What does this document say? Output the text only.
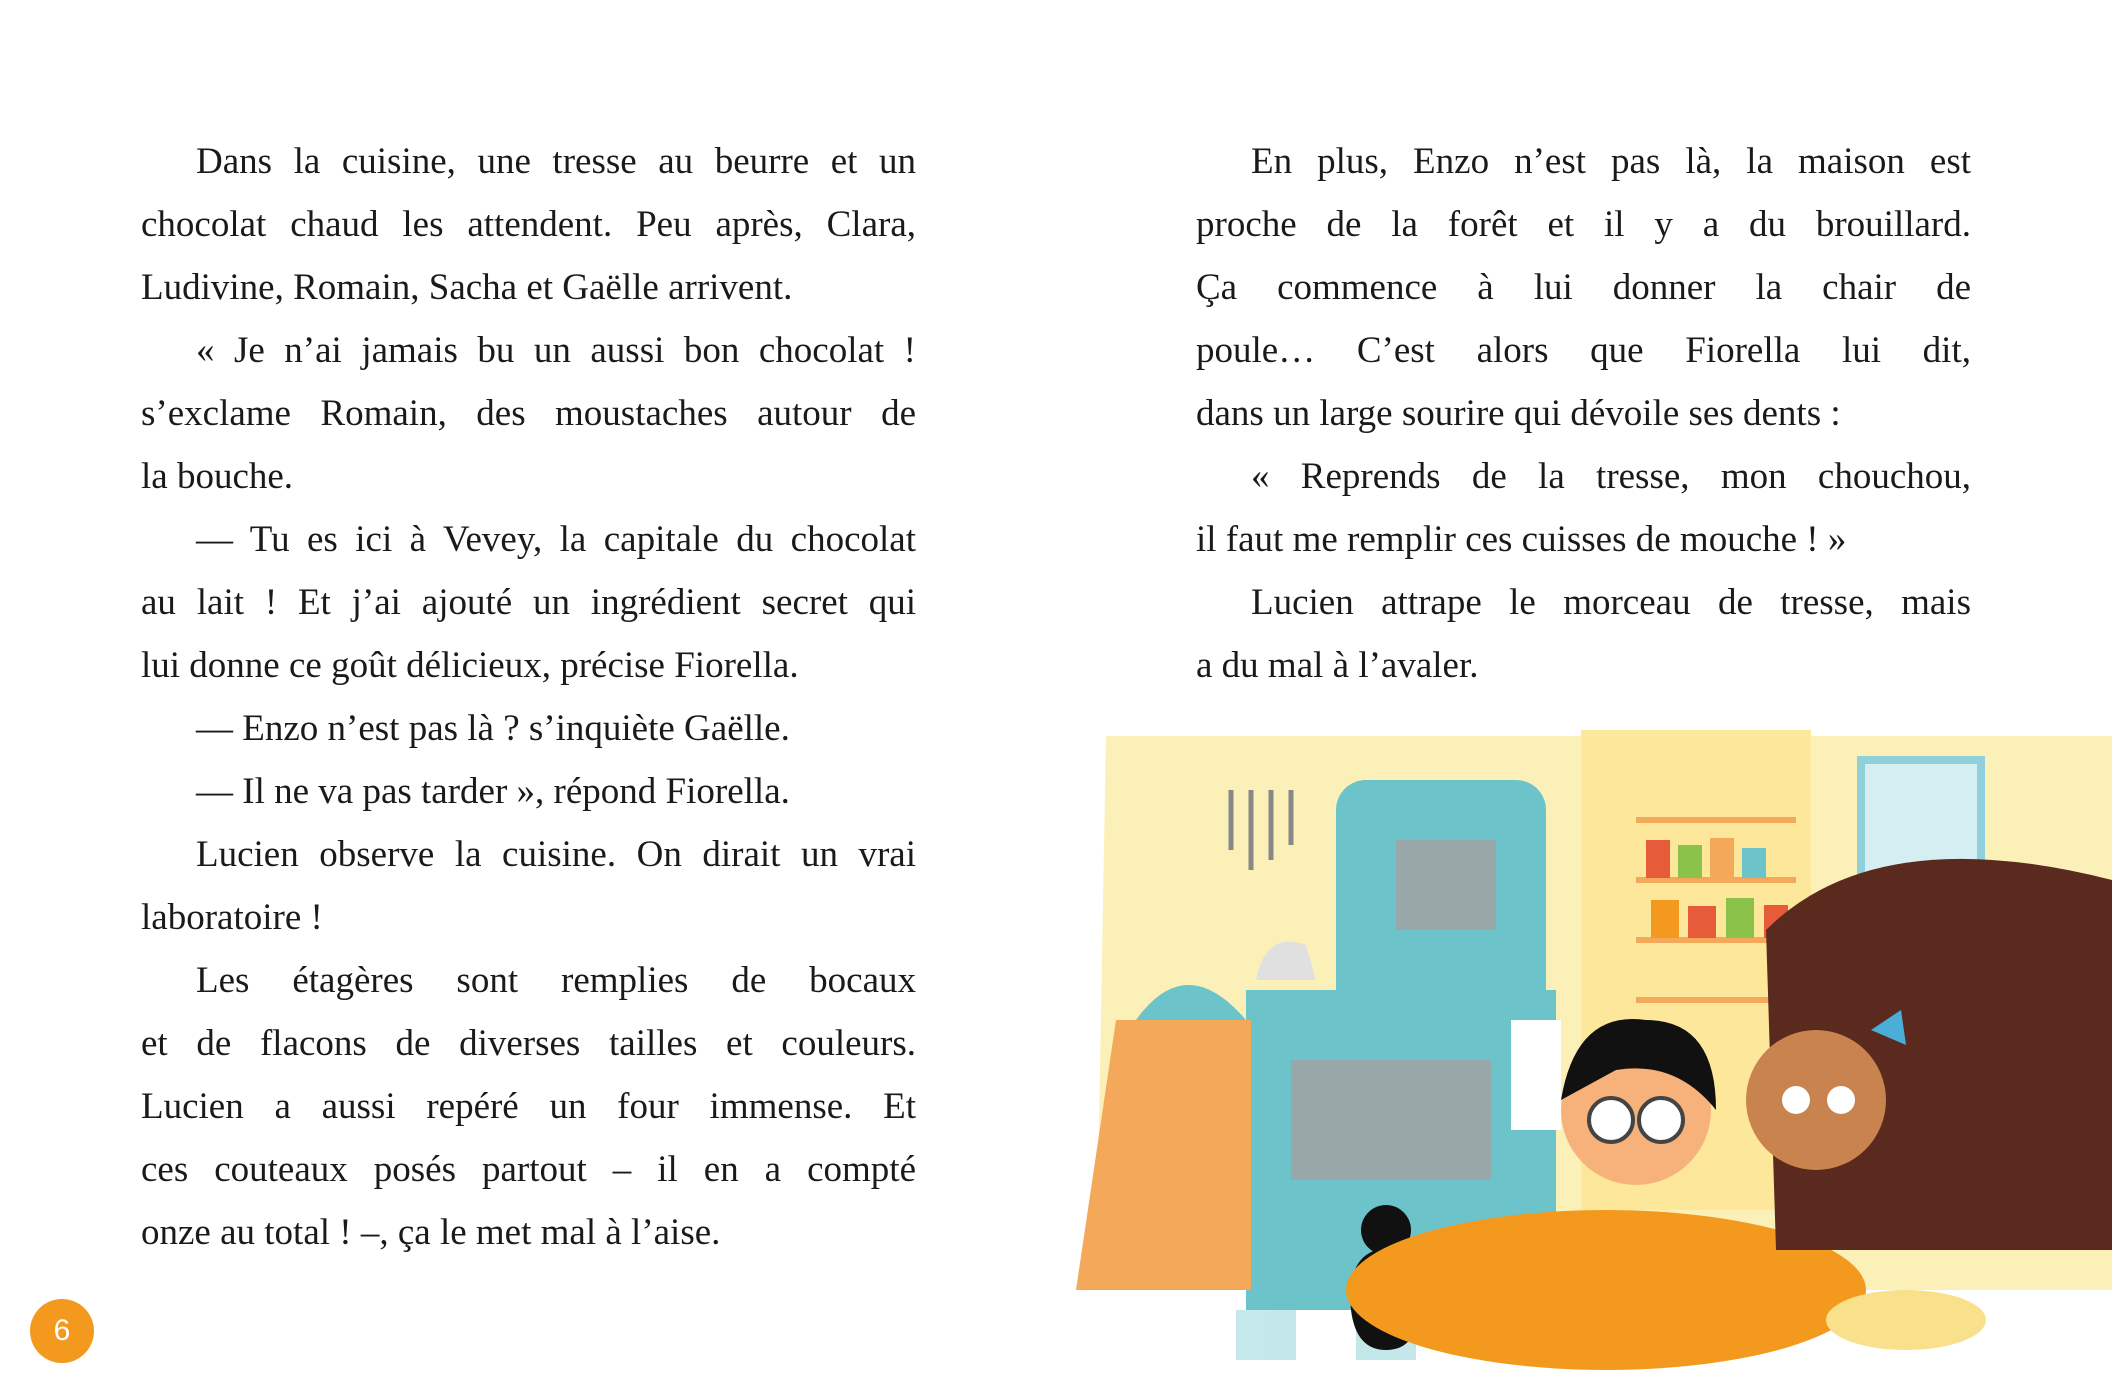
Dans la cuisine, une tresse au beurre et un
chocolat chaud les attendent. Peu après, Clara,
Ludivine, Romain, Sacha et Gaëlle arrivent.
« Je n’ai jamais bu un aussi bon chocolat !
s’exclame Romain, des moustaches autour de
la bouche.
— Tu es ici à Vevey, la capitale du chocolat
au lait ! Et j’ai ajouté un ingrédient secret qui
lui donne ce goût délicieux, précise Fiorella.
— Enzo n’est pas là ? s’inquiète Gaëlle.
— Il ne va pas tarder », répond Fiorella.
Lucien observe la cuisine. On dirait un vrai
laboratoire !
Les étagères sont remplies de bocaux
et de flacons de diverses tailles et couleurs.
Lucien a aussi repéré un four immense. Et
ces couteaux posés partout – il en a compté
onze au total ! –, ça le met mal à l’aise.
En plus, Enzo n’est pas là, la maison est
proche de la forêt et il y a du brouillard.
Ça commence à lui donner la chair de
poule… C’est alors que Fiorella lui dit,
dans un large sourire qui dévoile ses dents :
« Reprends de la tresse, mon chouchou,
il faut me remplir ces cuisses de mouche ! »
Lucien attrape le morceau de tresse, mais
a du mal à l’avaler.
6
